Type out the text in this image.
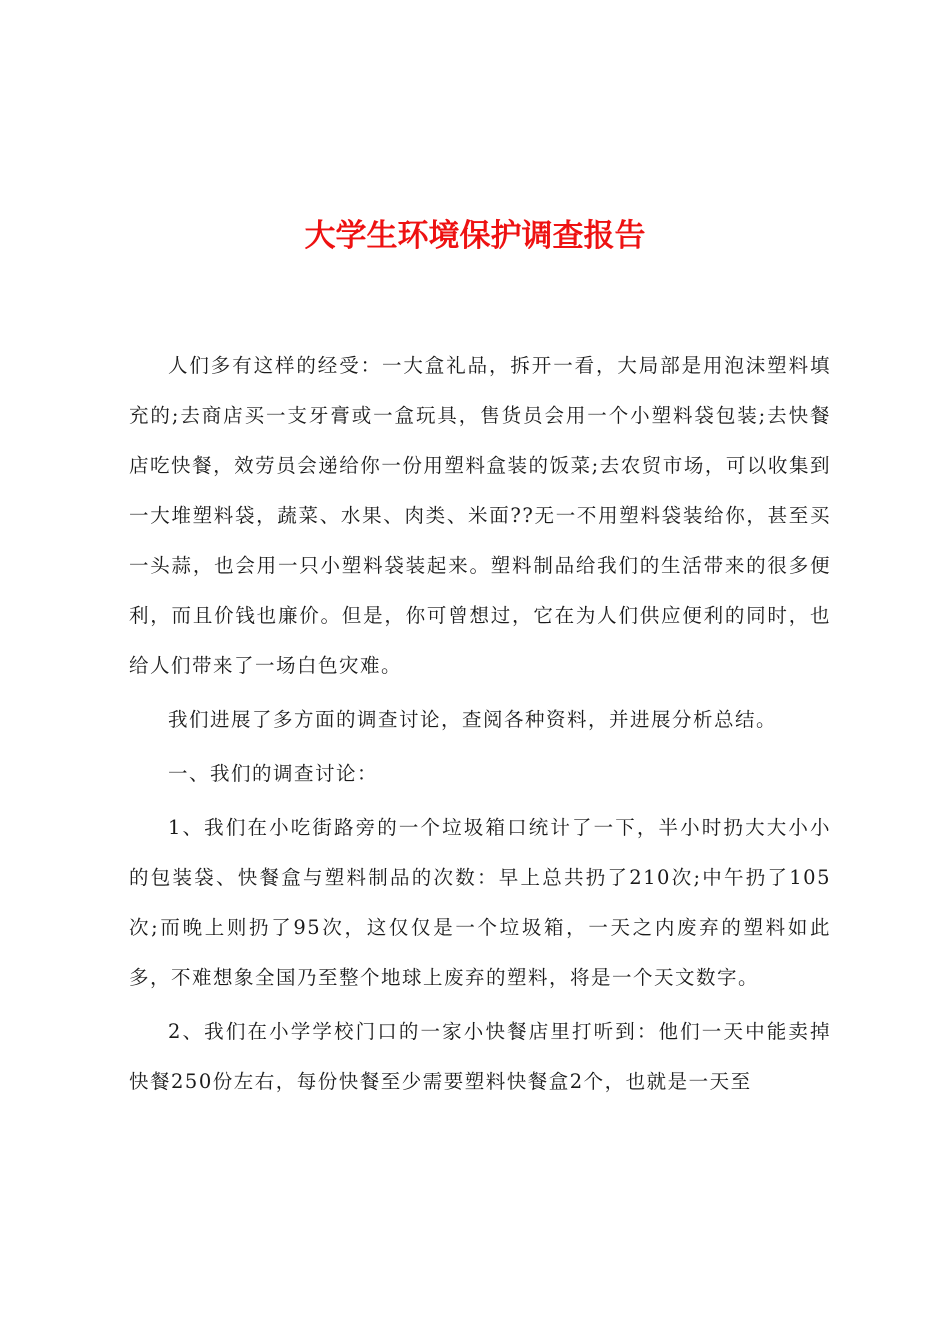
大学生环境保护调查报告

人们多有这样的经受：一大盒礼品，拆开一看，大局部是用泡沫塑料填充的;去商店买一支牙膏或一盒玩具，售货员会用一个小塑料袋包装;去快餐店吃快餐，效劳员会递给你一份用塑料盒装的饭菜;去农贸市场，可以收集到一大堆塑料袋，蔬菜、水果、肉类、米面??无一不用塑料袋装给你，甚至买一头蒜，也会用一只小塑料袋装起来。塑料制品给我们的生活带来的很多便利，而且价钱也廉价。但是，你可曾想过，它在为人们供应便利的同时，也给人们带来了一场白色灾难。

我们进展了多方面的调查讨论，查阅各种资料，并进展分析总结。

一、我们的调查讨论：

1、我们在小吃街路旁的一个垃圾箱口统计了一下，半小时扔大大小小的包装袋、快餐盒与塑料制品的次数：早上总共扔了210次;中午扔了105次;而晚上则扔了95次，这仅仅是一个垃圾箱，一天之内废弃的塑料如此多，不难想象全国乃至整个地球上废弃的塑料，将是一个天文数字。

2、我们在小学学校门口的一家小快餐店里打听到：他们一天中能卖掉快餐250份左右，每份快餐至少需要塑料快餐盒2个，也就是一天至
